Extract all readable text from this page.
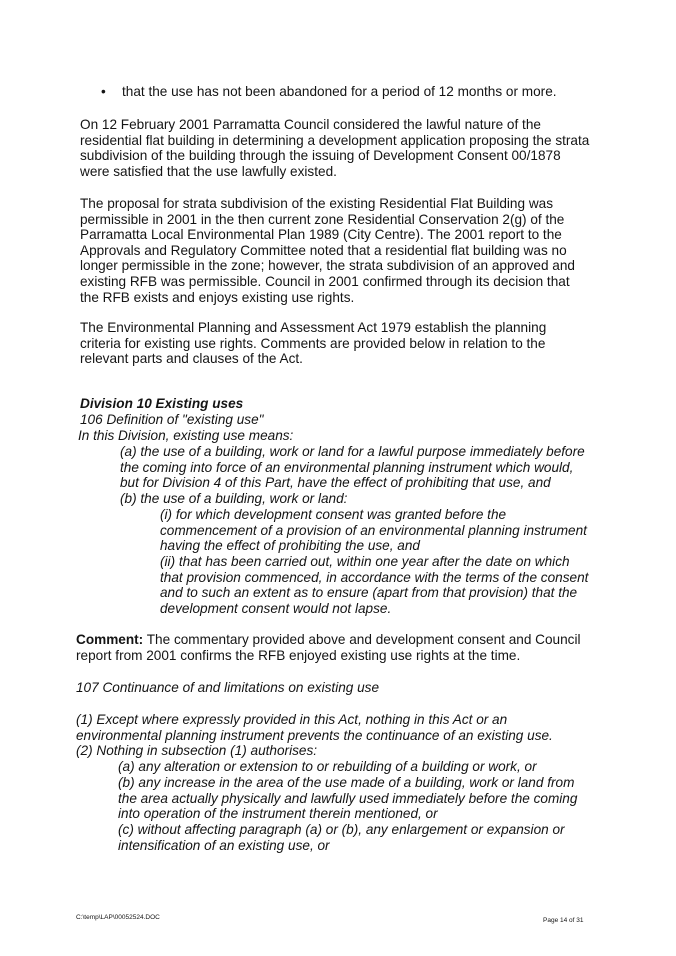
• that the use has not been abandoned for a period of 12 months or more.
On 12 February 2001 Parramatta Council considered the lawful nature of the
residential flat building in determining a development application proposing the strata
subdivision of the building through the issuing of Development Consent 00/1878
were satisfied that the use lawfully existed.
The proposal for strata subdivision of the existing Residential Flat Building was
permissible in 2001 in the then current zone Residential Conservation 2(g) of the
Parramatta Local Environmental Plan 1989 (City Centre). The 2001 report to the
Approvals and Regulatory Committee noted that a residential flat building was no
longer permissible in the zone; however, the strata subdivision of an approved and
existing RFB was permissible. Council in 2001 confirmed through its decision that
the RFB exists and enjoys existing use rights.
The Environmental Planning and Assessment Act 1979 establish the planning
criteria for existing use rights. Comments are provided below in relation to the
relevant parts and clauses of the Act.
Division 10 Existing uses
106 Definition of "existing use"
In this Division, existing use means:
(a) the use of a building, work or land for a lawful purpose immediately before
the coming into force of an environmental planning instrument which would,
but for Division 4 of this Part, have the effect of prohibiting that use, and
(b) the use of a building, work or land:
(i) for which development consent was granted before the
commencement of a provision of an environmental planning instrument
having the effect of prohibiting the use, and
(ii) that has been carried out, within one year after the date on which
that provision commenced, in accordance with the terms of the consent
and to such an extent as to ensure (apart from that provision) that the
development consent would not lapse.
Comment: The commentary provided above and development consent and Council
report from 2001 confirms the RFB enjoyed existing use rights at the time.
107 Continuance of and limitations on existing use
(1) Except where expressly provided in this Act, nothing in this Act or an
environmental planning instrument prevents the continuance of an existing use.
(2) Nothing in subsection (1) authorises:
(a) any alteration or extension to or rebuilding of a building or work, or
(b) any increase in the area of the use made of a building, work or land from
the area actually physically and lawfully used immediately before the coming
into operation of the instrument therein mentioned, or
(c) without affecting paragraph (a) or (b), any enlargement or expansion or
intensification of an existing use, or
C:\temp\LAP\00052524.DOC	Page 14 of 31
